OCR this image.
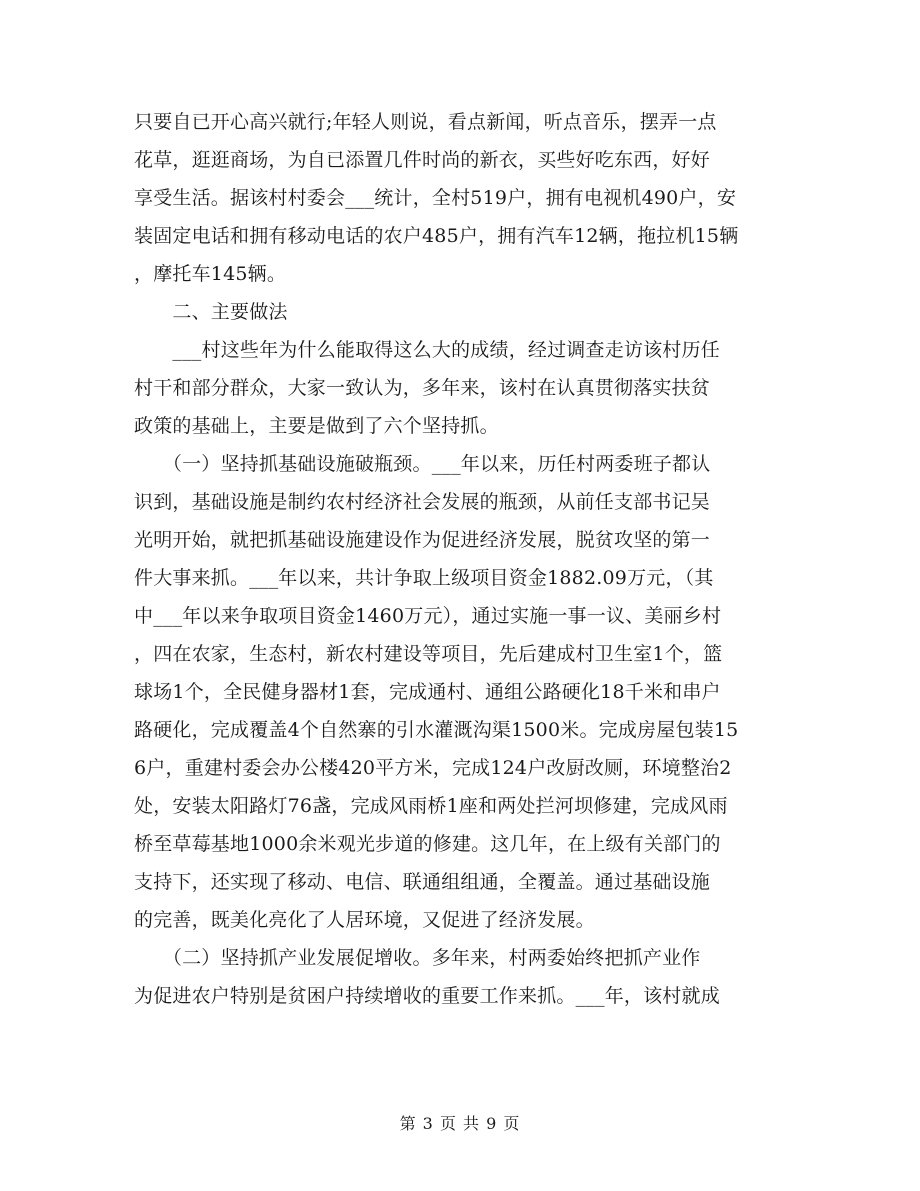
只要自已开心高兴就行;年轻人则说，看点新闻，听点音乐，摆弄一点
花草，逛逛商场，为自已添置几件时尚的新衣，买些好吃东西，好好
享受生活。据该村村委会___统计，全村519户，拥有电视机490户，安
装固定电话和拥有移动电话的农户485户，拥有汽车12辆，拖拉机15辆
，摩托车145辆。
　　二、主要做法
　　___村这些年为什么能取得这么大的成绩，经过调查走访该村历任
村干和部分群众，大家一致认为，多年来，该村在认真贯彻落实扶贫
政策的基础上，主要是做到了六个坚持抓。
　　（一）坚持抓基础设施破瓶颈。___年以来，历任村两委班子都认
识到，基础设施是制约农村经济社会发展的瓶颈，从前任支部书记吴
光明开始，就把抓基础设施建设作为促进经济发展，脱贫攻坚的第一
件大事来抓。___年以来，共计争取上级项目资金1882.09万元，（其
中___年以来争取项目资金1460万元），通过实施一事一议、美丽乡村
，四在农家，生态村，新农村建设等项目，先后建成村卫生室1个，篮
球场1个，全民健身器材1套，完成通村、通组公路硬化18千米和串户
路硬化，完成覆盖4个自然寨的引水灌溉沟渠1500米。完成房屋包装15
6户，重建村委会办公楼420平方米，完成124户改厨改厕，环境整治2
处，安装太阳路灯76盏，完成风雨桥1座和两处拦河坝修建，完成风雨
桥至草莓基地1000余米观光步道的修建。这几年，在上级有关部门的
支持下，还实现了移动、电信、联通组组通，全覆盖。通过基础设施
的完善，既美化亮化了人居环境，又促进了经济发展。
　　（二）坚持抓产业发展促增收。多年来，村两委始终把抓产业作
为促进农户特别是贫困户持续增收的重要工作来抓。___年，该村就成
第 3 页 共 9 页
